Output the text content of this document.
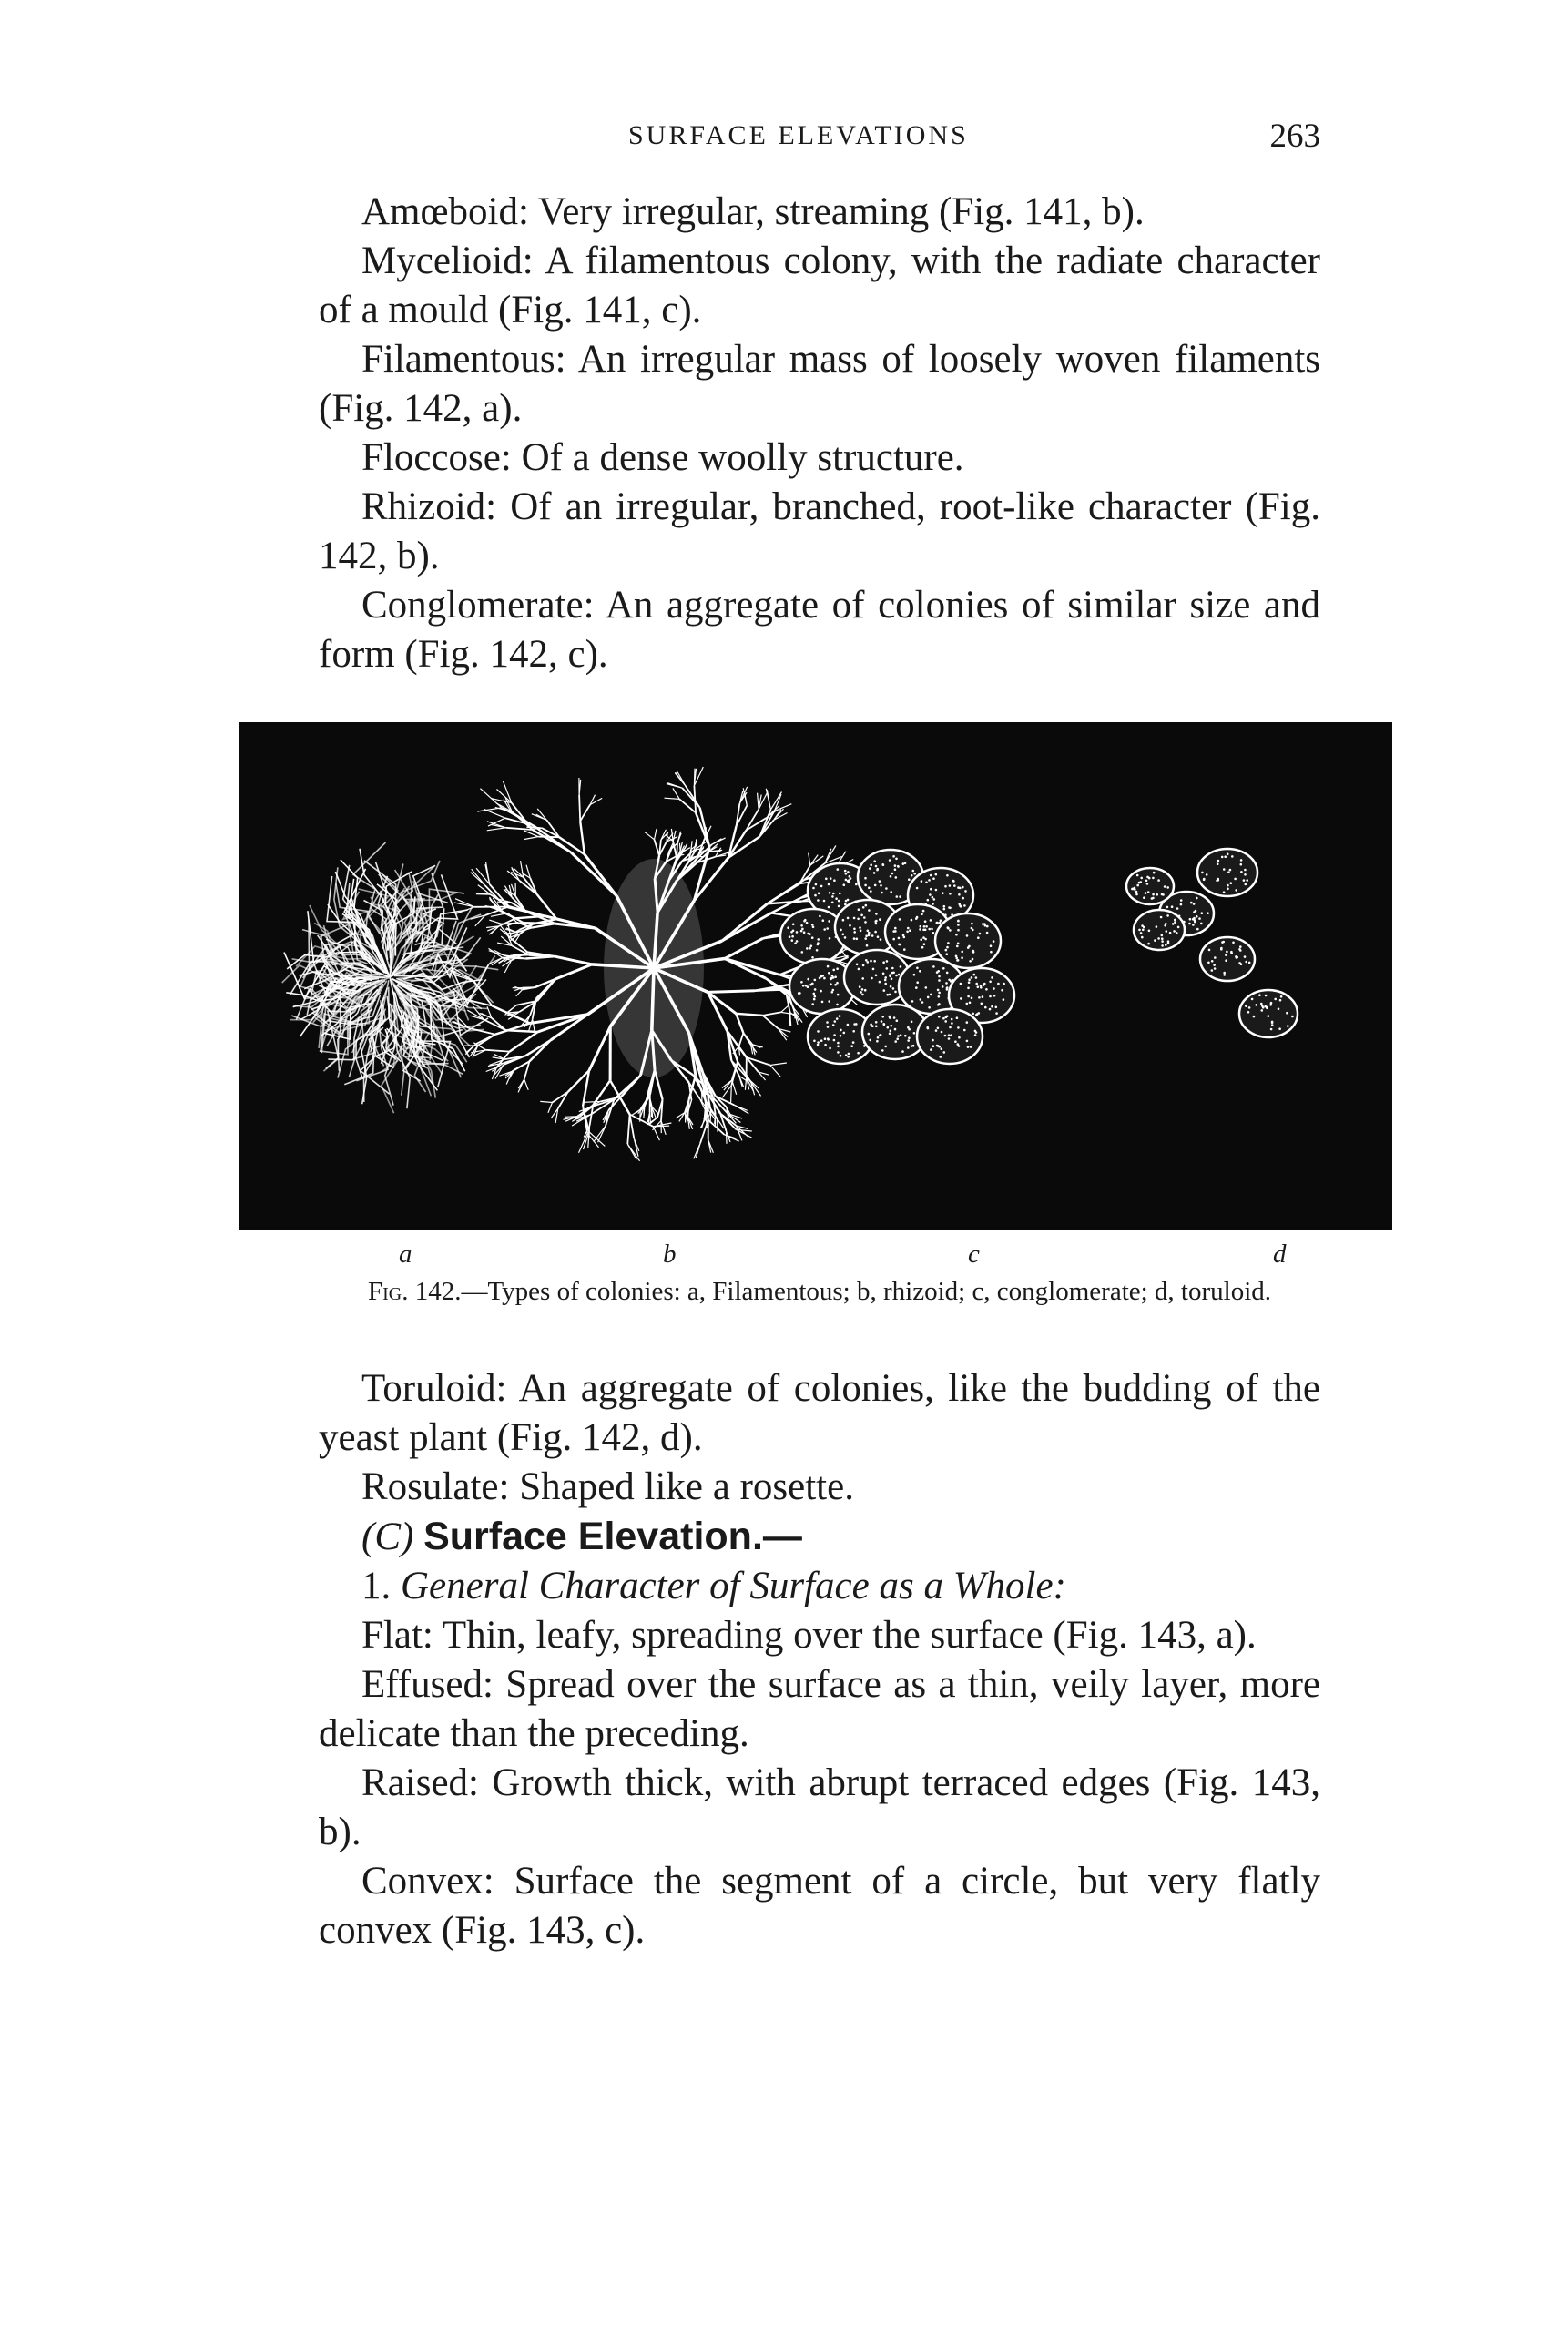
SURFACE ELEVATIONS	263

Amœboid: Very irregular, streaming (Fig. 141, b).

Mycelioid: A filamentous colony, with the radiate character of a mould (Fig. 141, c).

Filamentous: An irregular mass of loosely woven filaments (Fig. 142, a).

Floccose: Of a dense woolly structure.

Rhizoid: Of an irregular, branched, root-like character (Fig. 142, b).

Conglomerate: An aggregate of colonies of similar size and form (Fig. 142, c).

a	b	c	d
Fig. 142.—Types of colonies: a, Filamentous; b, rhizoid; c, conglomerate; d, toruloid.

Toruloid: An aggregate of colonies, like the budding of the yeast plant (Fig. 142, d).

Rosulate: Shaped like a rosette.

(C) Surface Elevation.—

1. General Character of Surface as a Whole:

Flat: Thin, leafy, spreading over the surface (Fig. 143, a).

Effused: Spread over the surface as a thin, veily layer, more delicate than the preceding.

Raised: Growth thick, with abrupt terraced edges (Fig. 143, b).

Convex: Surface the segment of a circle, but very flatly convex (Fig. 143, c).
